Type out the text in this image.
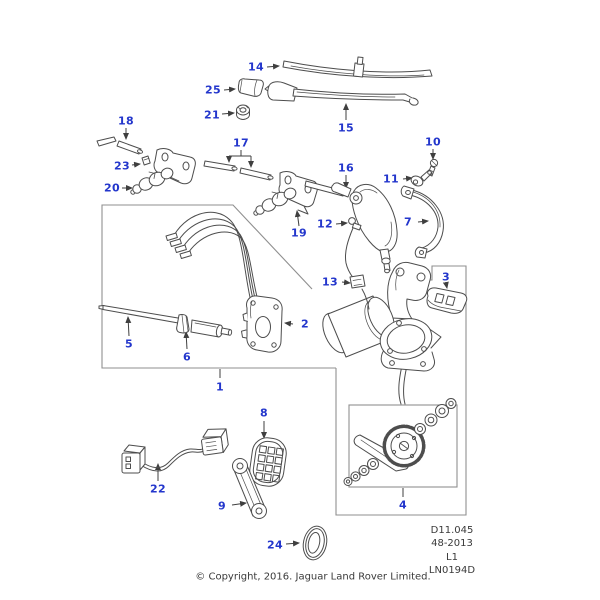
1
2
3
4
5
6
7
8
9
10
11
12
13
14
15
16
17
18
19
20
21
22
23
24
25
D11.045
48-2013
L1
LN0194D
© Copyright, 2016. Jaguar Land Rover Limited.
